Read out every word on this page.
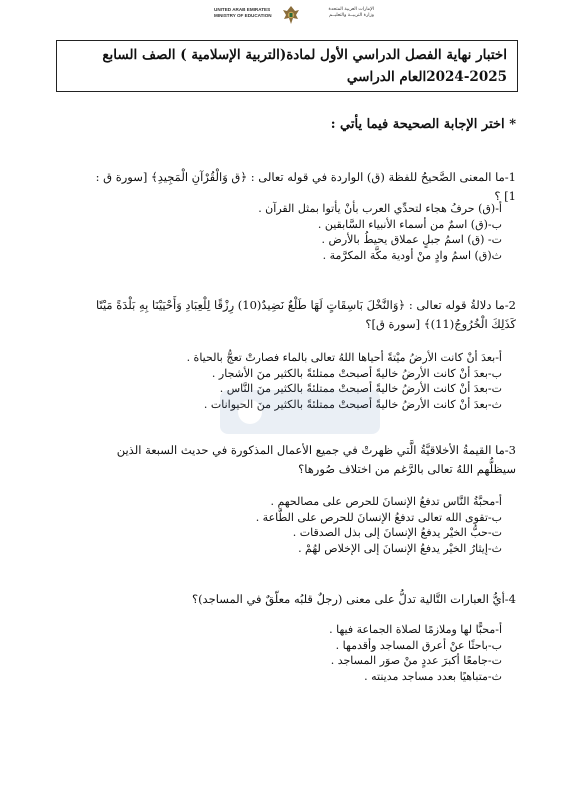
UNITED ARAB EMIRATES
MINISTRY OF EDUCATION
الإمارات العربية المتحدة
وزارة التربيــة والتعليــم
اختبار نهاية الفصل الدراسي الأول لمادة(التربية الإسلامية ) الصف السابع
2024-2025العام الدراسي
* اختر الإجابة الصحيحة فيما يأتي :
1-ما المعنى الصَّحيحُ للفظة (ق) الواردة في قوله تعالى : ﴿ق وَالْقُرْآنِ الْمَجِيدِ﴾ [سورة ق : 1] ؟
أ-(ق) حرفُ هجاء لتحدِّي العرب بأنْ يأتوا بمثل القرآن .
ب-(ق) اسمٌ من أسماء الأنبياء السَّابقين .
ت- (ق) اسمُ جبلٍ عملاق يحيطُ بالأرض .
ث(ق) اسمُ وادٍ منْ أودية مكَّة المكرَّمة .
2-ما دلالةُ قوله تعالى : ﴿وَالنَّخْلَ بَاسِقَاتٍ لَهَا طَلْعٌ نَضِيدٌ(10) رِزْقًا لِلْعِبَادِ وَأَحْيَيْنَا بِهِ بَلْدَةً مَيْتًا كَذَلِكَ الْخُرُوجُ(11)﴾ [سورة ق]؟
أ-بعدَ أنْ كانت الأرضُ ميْتةً أحياها اللهُ تعالى بالماء فصارتْ تعجُّ بالحياة .
ب-بعدَ أنْ كانت الأرضُ خاليةً أصبحتْ ممتلئةً بالكثير منَ الأشجار .
ت-بعدَ أنْ كانت الأرضُ خاليةً أصبحتْ ممتلئةً بالكثير منَ النَّاس .
ث-بعدَ أنْ كانت الأرضُ خاليةً أصبحتْ ممتلئةً بالكثير منَ الحيوانات .
3-ما القيمةُ الأخلاقيَّةُ الَّتي ظهرتْ في جميع الأعمال المذكورة في حديث السبعة الذين سيظلُّهم اللهُ تعالى بالرَّغم من اختلاف صُورها؟
أ-محبَّةُ النَّاس تدفعُ الإنسانَ للحرص على مصالحهم .
ب-تقوى الله تعالى تدفعُ الإنسانَ للحرص على الطَّاعة .
ت-حبُّ الخيْر يدفعُ الإنسانَ إلى بذل الصدقات .
ث-إيثارُ الخيْر يدفعُ الإنسانَ إلى الإخلاص لهُمْ .
4-أيُّ العبارات التَّالية تدلُّ على معنى (رجلٌ قلبُه معلّقٌ في المساجد)؟
أ-محبًّا لها وملازمًا لصلاة الجماعة فيها .
ب-باحثًا عنْ أعرق المساجد وأقدمها .
ت-جامعًا أكبرَ عددٍ منْ صوَر المساجد .
ث-متباهيًا بعدد مساجد مدينته .
